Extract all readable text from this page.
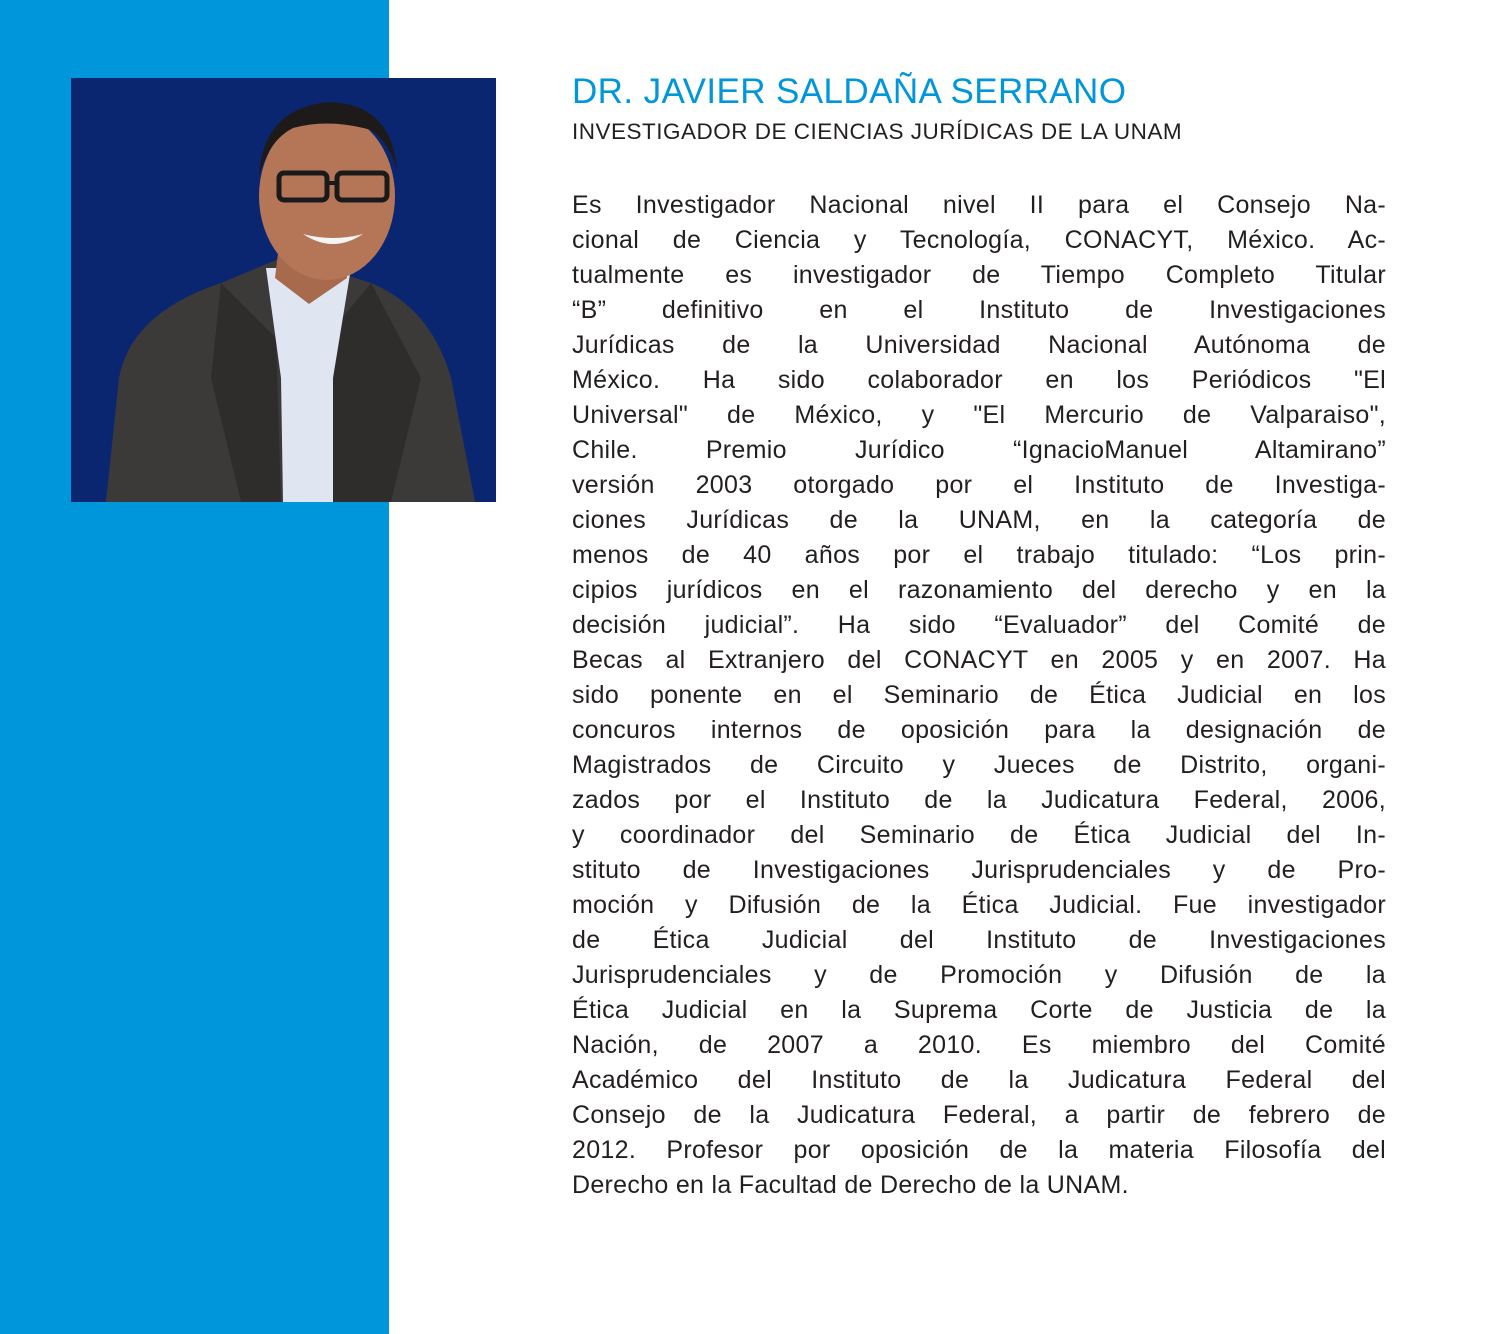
DR. JAVIER SALDAÑA SERRANO
INVESTIGADOR DE CIENCIAS JURÍDICAS DE LA UNAM
Es Investigador Nacional nivel II para el Consejo Na-
cional de Ciencia y Tecnología, CONACYT, México. Ac-
tualmente es investigador de Tiempo Completo Titular
“B” definitivo en el Instituto de Investigaciones
Jurídicas de la Universidad Nacional Autónoma de
México. Ha sido colaborador en los Periódicos "El
Universal" de México, y "El Mercurio de Valparaiso",
Chile. Premio Jurídico “IgnacioManuel Altamirano”
versión 2003 otorgado por el Instituto de Investiga-
ciones Jurídicas de la UNAM, en la categoría de
menos de 40 años por el trabajo titulado: “Los prin-
cipios jurídicos en el razonamiento del derecho y en la
decisión judicial”. Ha sido “Evaluador” del Comité de
Becas al Extranjero del CONACYT en 2005 y en 2007. Ha
sido ponente en el Seminario de Ética Judicial en los
concuros internos de oposición para la designación de
Magistrados de Circuito y Jueces de Distrito, organi-
zados por el Instituto de la Judicatura Federal, 2006,
y coordinador del Seminario de Ética Judicial del In-
stituto de Investigaciones Jurisprudenciales y de Pro-
moción y Difusión de la Ética Judicial. Fue investigador
de Ética Judicial del Instituto de Investigaciones
Jurisprudenciales y de Promoción y Difusión de la
Ética Judicial en la Suprema Corte de Justicia de la
Nación, de 2007 a 2010. Es miembro del Comité
Académico del Instituto de la Judicatura Federal del
Consejo de la Judicatura Federal, a partir de febrero de
2012. Profesor por oposición de la materia Filosofía del
Derecho en la Facultad de Derecho de la UNAM.
